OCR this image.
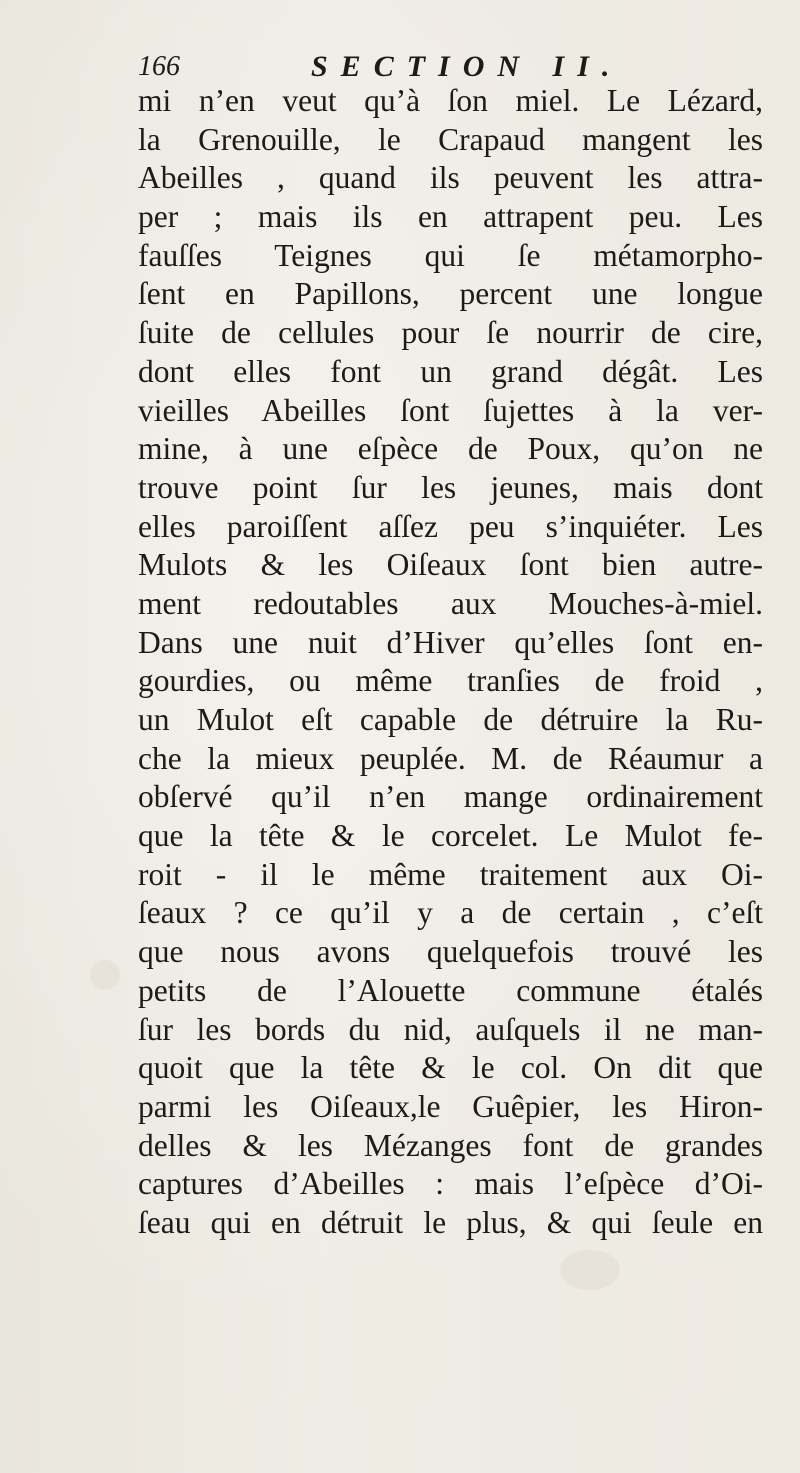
166	SECTION II.
mi n’en veut qu’à ſon miel. Le Lézard,
la Grenouille, le Crapaud mangent les
Abeilles , quand ils peuvent les attra-
per ; mais ils en attrapent peu. Les
fauſſes Teignes qui ſe métamorpho-
ſent en Papillons, percent une longue
ſuite de cellules pour ſe nourrir de cire,
dont elles font un grand dégât. Les
vieilles Abeilles ſont ſujettes à la ver-
mine, à une eſpèce de Poux, qu’on ne
trouve point ſur les jeunes, mais dont
elles paroiſſent aſſez peu s’inquiéter. Les
Mulots & les Oiſeaux ſont bien autre-
ment redoutables aux Mouches-à-miel.
Dans une nuit d’Hiver qu’elles ſont en-
gourdies, ou même tranſies de froid ,
un Mulot eſt capable de détruire la Ru-
che la mieux peuplée. M. de Réaumur a
obſervé qu’il n’en mange ordinairement
que la tête & le corcelet. Le Mulot fe-
roit - il le même traitement aux Oi-
ſeaux ? ce qu’il y a de certain , c’eſt
que nous avons quelquefois trouvé les
petits de l’Alouette commune étalés
ſur les bords du nid, auſquels il ne man-
quoit que la tête & le col. On dit que
parmi les Oiſeaux,le Guêpier, les Hiron-
delles & les Mézanges font de grandes
captures d’Abeilles : mais l’eſpèce d’Oi-
ſeau qui en détruit le plus, & qui ſeule en
